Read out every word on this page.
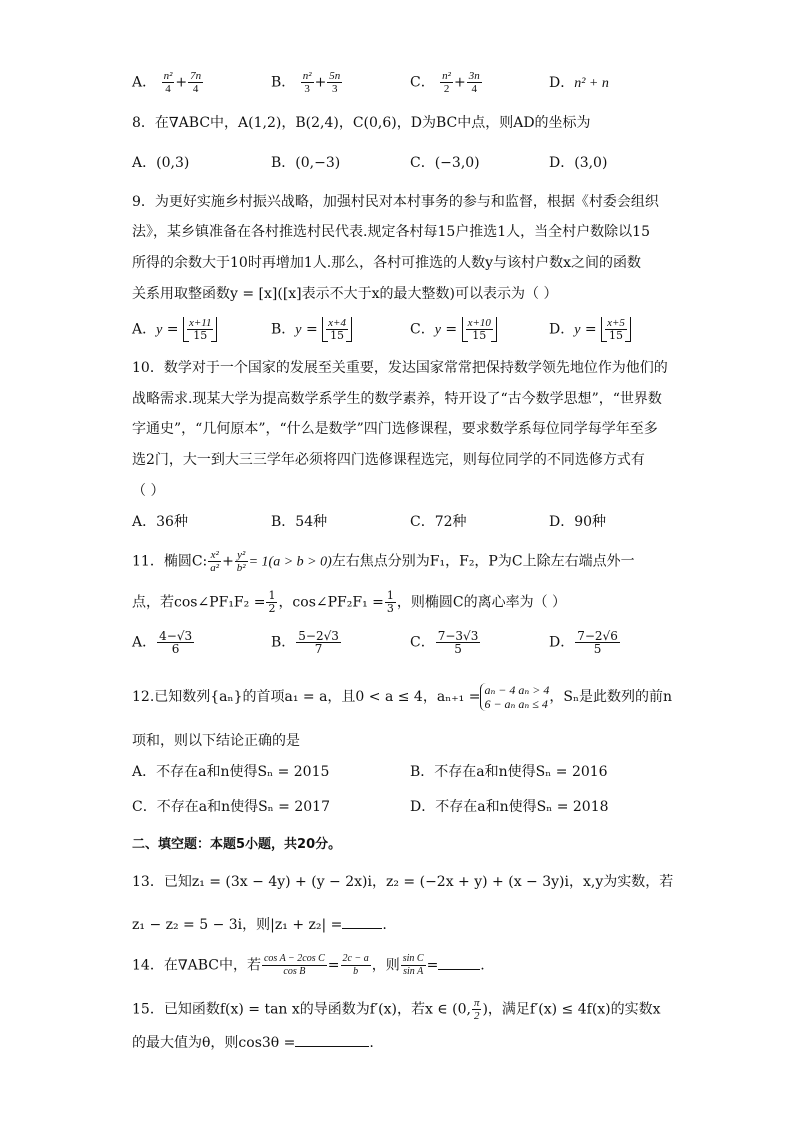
A． $\frac{\text{n²}}{4} + \frac{7n}{4}$	B． $\frac{\text{n²}}{3} + \frac{5n}{3}$	C． $\frac{\text{n²}}{2} + \frac{3n}{4}$	D．n² + n
8．在∇ABC中，A(1,2)，B(2,4)，C(0,6)，D为BC中点，则AD的坐标为
A．(0,3)	B．(0,−3)	C．(−3,0)	D．(3,0)
9．为更好实施乡村振兴战略，加强村民对本村事务的参与和监督，根据《村委会组织
法》，某乡镇准备在各村推选村民代表.规定各村每15户推选1人，当全村户数除以15
所得的余数大于10时再增加1人.那么，各村可推选的人数y与该村户数x之间的函数
关系用取整函数y = [x]([x]表示不大于x的最大整数)可以表示为（ ）
A．$y = \frac{x+11}{15}$	B．$y = \frac{x+4}{15}$	C．$y = \frac{x+10}{15}$	D．$y = \frac{x+5}{15}$
10．数学对于一个国家的发展至关重要，发达国家常常把保持数学领先地位作为他们的
战略需求.现某大学为提高数学系学生的数学素养，特开设了“古今数学思想”，“世界数
字通史”，“几何原本”，“什么是数学”四门选修课程，要求数学系每位同学每学年至多
选2门，大一到大三三学年必须将四门选修课程选完，则每位同学的不同选修方式有
（ ）
A．36种	B．54种	C．72种	D．90种
11．椭圆C: $\frac{\text{x²}}{\text{a²}} + \frac{\text{y²}}{\text{b²}} = 1(a > b > 0)$左右焦点分别为F₁，F₂，P为C上除左右端点外一
点，若cos∠PF₁F₂ = $\frac{1}{2}$ ，cos∠PF₂F₁ = $\frac{1}{3}$ ，则椭圆C的离心率为（ ）
A． $\frac{4-√3}{6}$	B． $\frac{5-2√3}{7}$	C． $\frac{7-3√3}{5}$	D． $\frac{7-2√6}{5}$
12.已知数列{aₙ}的首项a₁ = a，且0 < a ≤ 4，aₙ₊₁ = aₙ − 4 aₙ > 4
6 − aₙ aₙ ≤ 4 ，Sₙ是此数列的前n
项和，则以下结论正确的是
A．不存在a和n使得Sₙ = 2015	B．不存在a和n使得Sₙ = 2016
C．不存在a和n使得Sₙ = 2017	D．不存在a和n使得Sₙ = 2018
二、填空题：本题5小题，共20分。
13．已知z₁ = (3x − 4y) + (y − 2x)i，z₂ = (−2x + y) + (x − 3y)i，x,y为实数，若
z₁ − z₂ = 5 − 3i，则|z₁ + z₂| =	.
14．在∇ABC中，若 $\frac{\text{cos A − 2cos C}}{\text{cos B}} = \frac{2c - a}{b}$ ，则 $\frac{\text{sin C}}{\text{sin A}}$ =	.
15．已知函数f(x) = tan x的导函数为f′(x)，若x ∈ (0, $\frac{\pi}{2}$ )，满足f′(x) ≤ 4f(x)的实数x
的最大值为θ，则cos3θ =	.
